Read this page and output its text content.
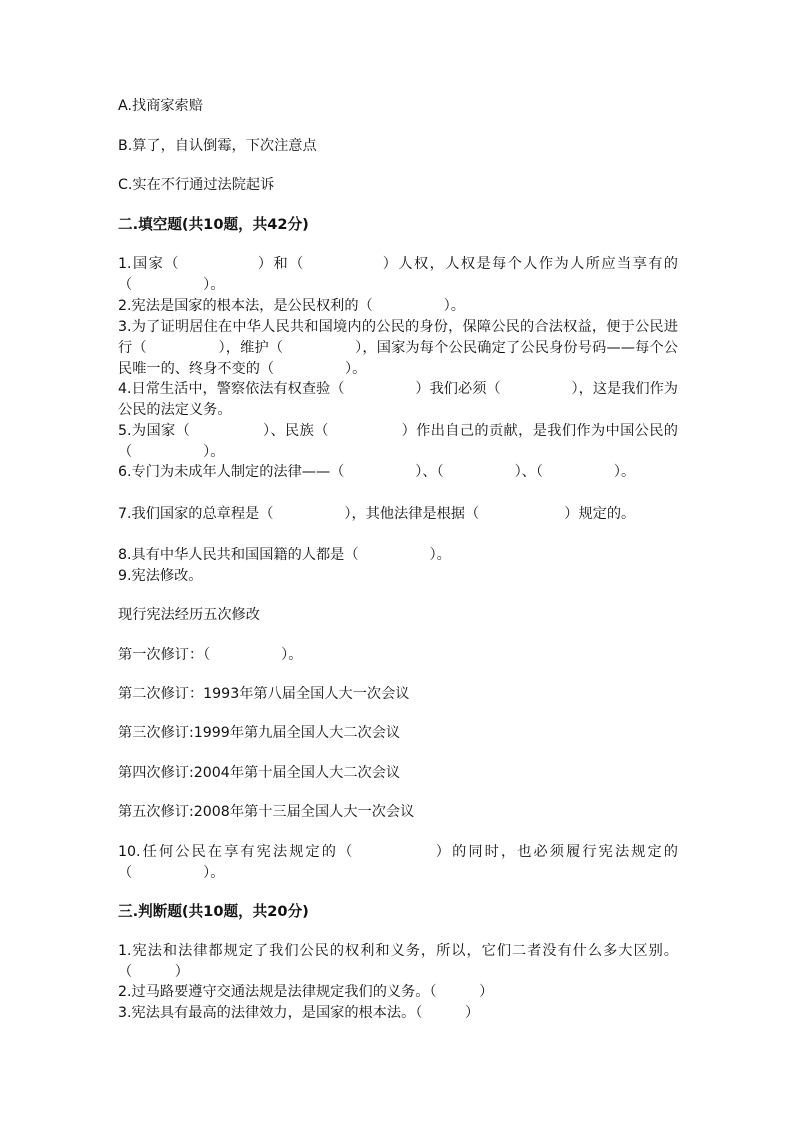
A.找商家索赔
B.算了，自认倒霉，下次注意点
C.实在不行通过法院起诉
二.填空题(共10题，共42分)
1.国家（　　　　　）和（　　　　　）人权，人权是每个人作为人所应当享有的（　　　　　）。
2.宪法是国家的根本法，是公民权利的（　　　　　）。
3.为了证明居住在中华人民共和国境内的公民的身份，保障公民的合法权益，便于公民进行（　　　　　），维护（　　　　　），国家为每个公民确定了公民身份号码——每个公民唯一的、终身不变的（　　　　　）。
4.日常生活中，警察依法有权查验（　　　　　）我们必须（　　　　　），这是我们作为公民的法定义务。
5.为国家（　　　　　）、民族（　　　　　）作出自己的贡献，是我们作为中国公民的（　　　　　）。
6.专门为未成年人制定的法律——（　　　　　）、（　　　　　）、（　　　　　）。
7.我们国家的总章程是（　　　　　），其他法律是根据（　　　　　　）规定的。
8.具有中华人民共和国国籍的人都是（　　　　　）。
9.宪法修改。
现行宪法经历五次修改
第一次修订：（　　　　　）。
第二次修订：1993年第八届全国人大一次会议
第三次修订:1999年第九届全国人大二次会议
第四次修订:2004年第十届全国人大二次会议
第五次修订:2008年第十三届全国人大一次会议
10.任何公民在享有宪法规定的（　　　　　）的同时，也必须履行宪法规定的（　　　　　）。
三.判断题(共10题，共20分)
1.宪法和法律都规定了我们公民的权利和义务，所以，它们二者没有什么多大区别。（　　　）
2.过马路要遵守交通法规是法律规定我们的义务。（　　　）
3.宪法具有最高的法律效力，是国家的根本法。（　　　）
